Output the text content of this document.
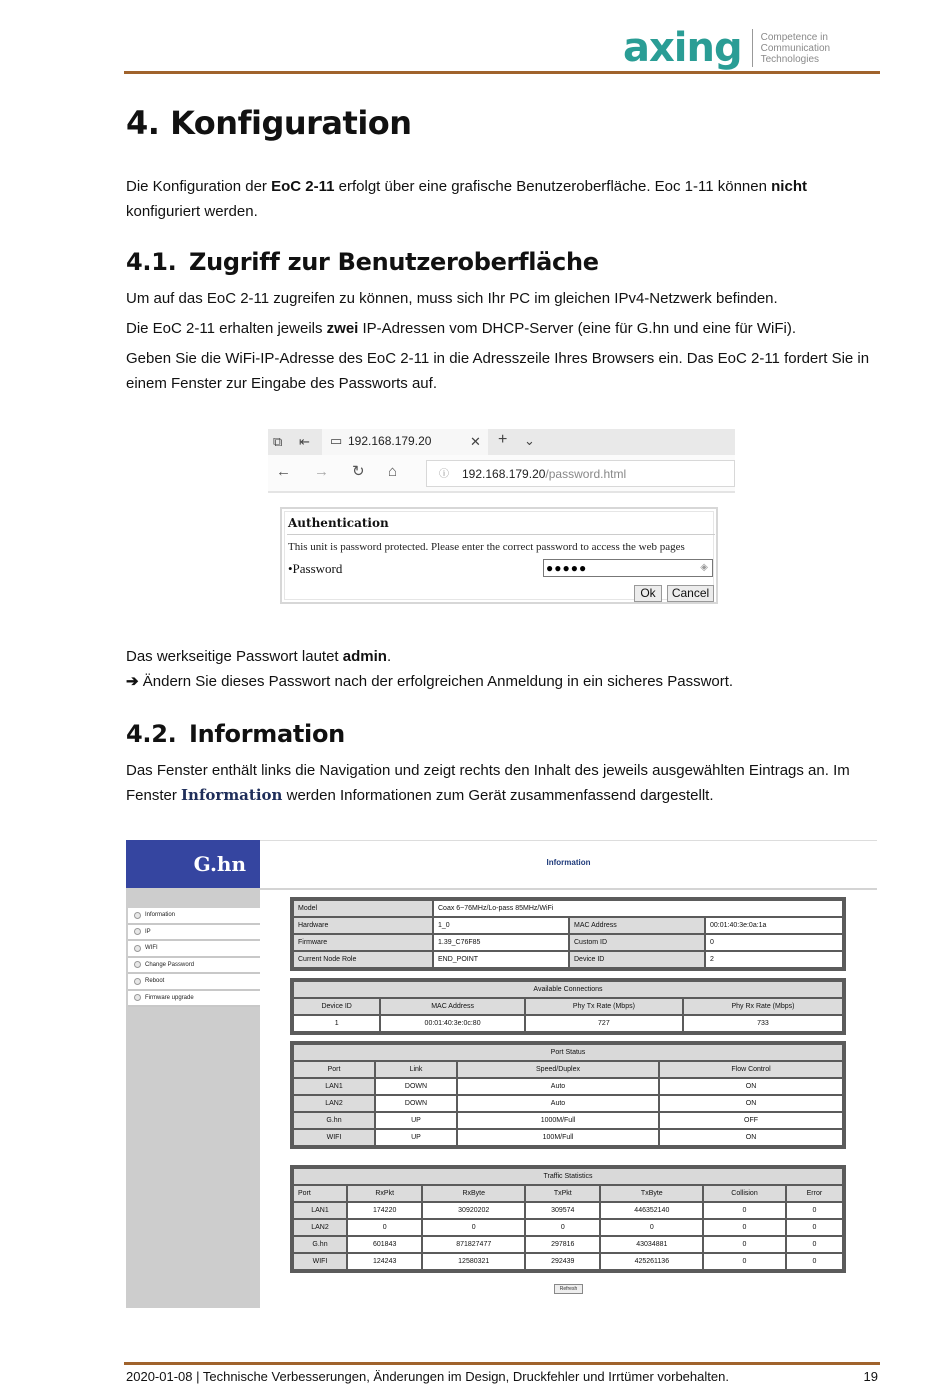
axing Competence in
Communication
Technologies
4. Konfiguration
Die Konfiguration der EoC 2-11 erfolgt über eine grafische Benutzeroberfläche. Eoc 1-11 können nicht konfiguriert werden.
4.1. Zugriff zur Benutzeroberfläche
Um auf das EoC 2-11 zugreifen zu können, muss sich Ihr PC im gleichen IPv4-Netzwerk befinden.
Die EoC 2-11 erhalten jeweils zwei IP-Adressen vom DHCP-Server (eine für G.hn und eine für WiFi).
Geben Sie die WiFi-IP-Adresse des EoC 2-11 in die Adresszeile Ihres Browsers ein. Das EoC 2-11 fordert Sie in einem Fenster zur Eingabe des Passworts auf.
⧉ ⇤ ▭ 192.168.179.20	✕ + ⌄
← → ↻ ⌂	ⓘ 192.168.179.20/password.html
Authentication
This unit is password protected. Please enter the correct password to access the web pages
•Password	●●●●●	◈
Ok	Cancel
Das werkseitige Passwort lautet admin.
➔ Ändern Sie dieses Passwort nach der erfolgreichen Anmeldung in ein sicheres Passwort.
4.2. Information
Das Fenster enthält links die Navigation und zeigt rechts den Inhalt des jeweils ausgewählten Eintrags an. Im Fenster Information werden Informationen zum Gerät zusammenfassend dargestellt.
G.hn
Information
IP
WIFI
Change Password
Reboot
Firmware upgrade
Information
Model	Coax 6~76MHz/Lo-pass 85MHz/WiFi		
Hardware	1_0	MAC Address	00:01:40:3e:0a:1a
Firmware	1.39_C76F85	Custom ID	0
Current Node Role	END_POINT	Device ID	2
Available Connections			
Device ID	MAC Address	Phy Tx Rate (Mbps)	Phy Rx Rate (Mbps)
1	00:01:40:3e:0c:80	727	733
Port Status			
Port	Link	Speed/Duplex	Flow Control
LAN1	DOWN	Auto	ON
LAN2	DOWN	Auto	ON
G.hn	UP	1000M/Full	OFF
WIFI	UP	100M/Full	ON
Traffic Statistics						
Port	RxPkt	RxByte	TxPkt	TxByte	Collision	Error
LAN1	174220	30920202	309574	446352140	0	0
LAN2	0	0	0	0	0	0
G.hn	601843	871827477	297816	43034881	0	0
WIFI	124243	12580321	292439	425261136	0	0
Refresh
2020-01-08 | Technische Verbesserungen, Änderungen im Design, Druckfehler und Irrtümer vorbehalten.	19
